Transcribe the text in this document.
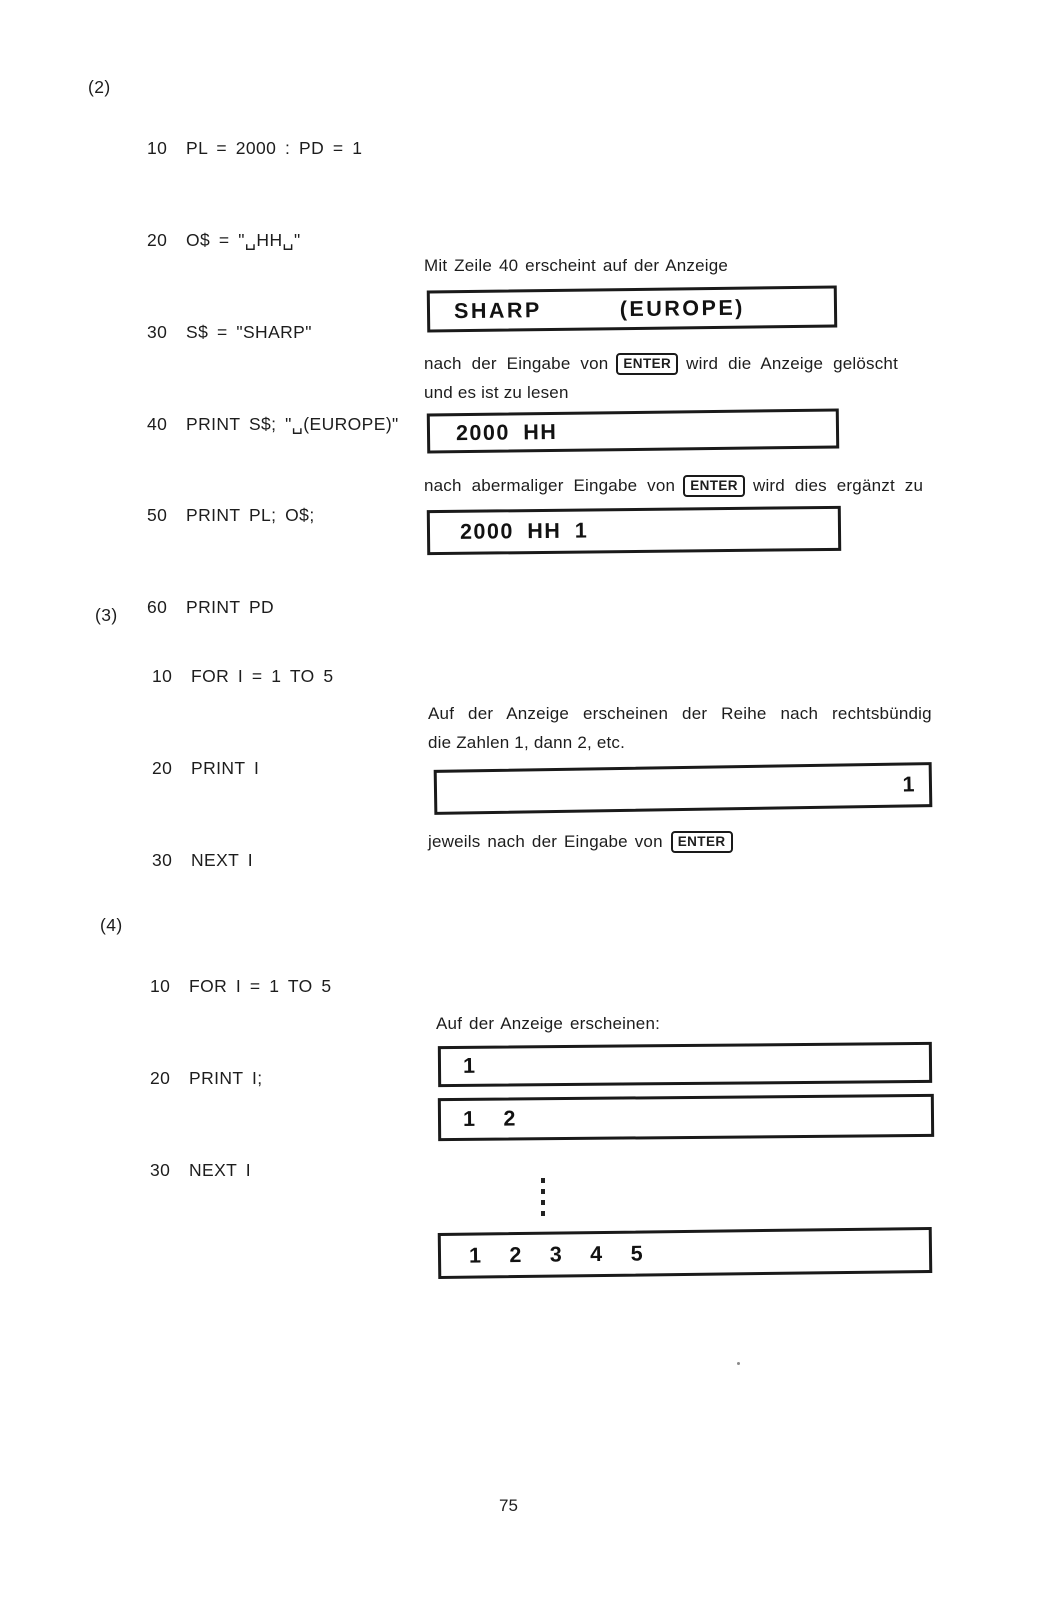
(2)

10	PL = 2000 : PD = 1

20	O$ = "␣HH␣"

30	S$ = "SHARP"

40	PRINT S$; "␣(EUROPE)"

50	PRINT PL; O$;

60	PRINT PD

Mit Zeile 40 erscheint auf der Anzeige
SHARP	(EUROPE)
nach der Eingabe von ENTER wird die Anzeige gelöscht
und es ist zu lesen
2000 HH
nach abermaliger Eingabe von ENTER wird dies ergänzt zu
2000 HH 1
(3)

10	FOR I = 1 TO 5

20	PRINT I

30	NEXT I

Auf der Anzeige erscheinen der Reihe nach rechtsbündig
die Zahlen 1, dann 2, etc.
1
jeweils nach der Eingabe von ENTER
(4)

10	FOR I = 1 TO 5

20	PRINT I;

30	NEXT I

Auf der Anzeige erscheinen:
1
1  2
1  2  3  4  5
75
